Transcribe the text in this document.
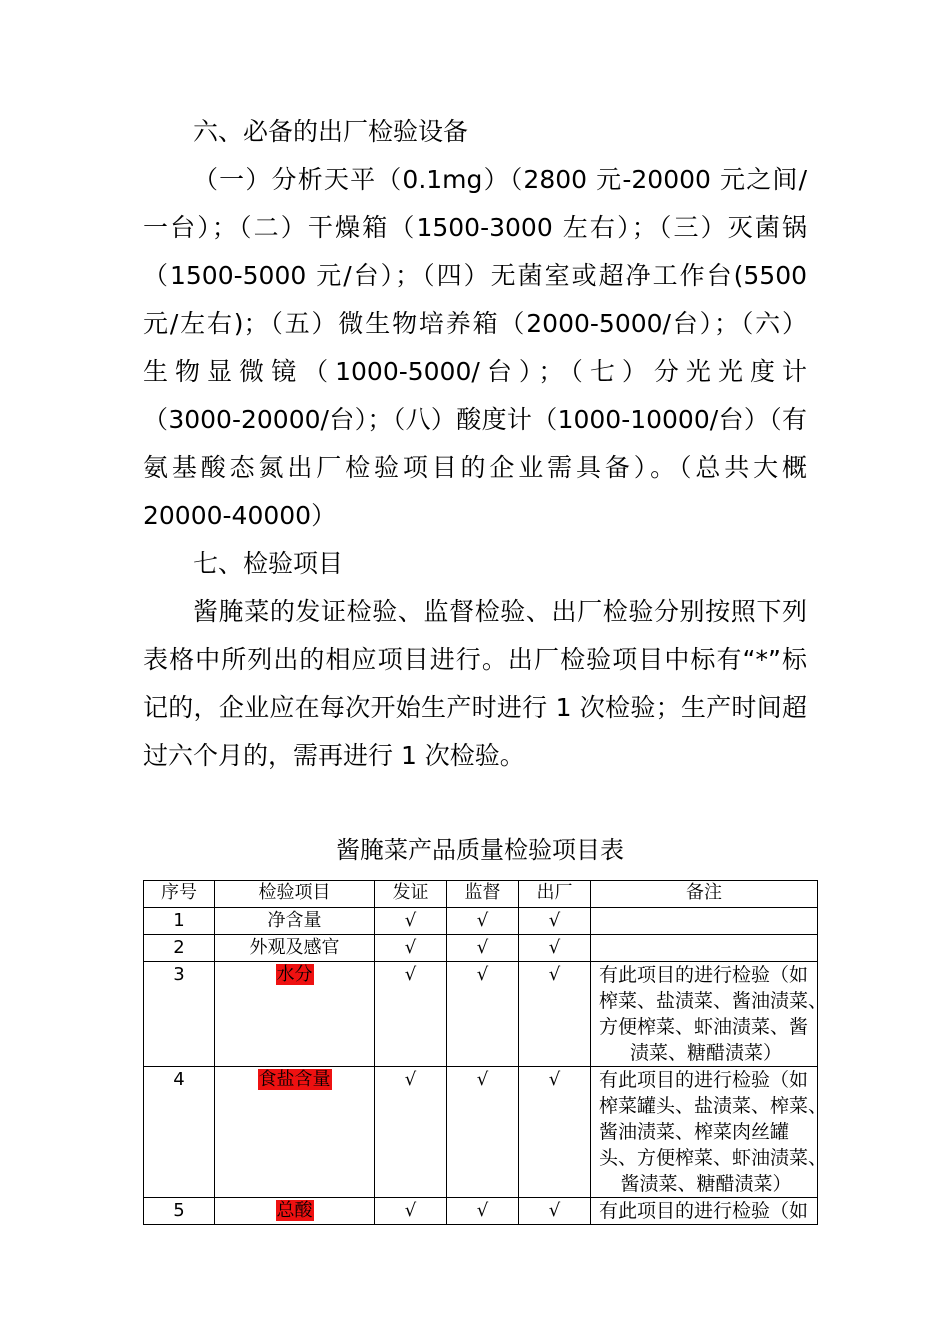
六、必备的出厂检验设备

（一）分析天平（0.1mg）（2800 元-20000 元之间/
一台）；（二）干燥箱（1500-3000 左右）；（三）灭菌锅
（1500-5000 元/台）；（四）无菌室或超净工作台(5500
元/左右)；（五）微生物培养箱（2000-5000/台）；（六）
生物显微镜（1000-5000/台）；（七）分光光度计
（3000-20000/台）；（八）酸度计（1000-10000/台）（有
氨基酸态氮出厂检验项目的企业需具备）。（总共大概
20000-40000）

七、检验项目

酱腌菜的发证检验、监督检验、出厂检验分别按照下列
表格中所列出的相应项目进行。出厂检验项目中标有“*”标
记的，企业应在每次开始生产时进行 1 次检验；生产时间超
过六个月的，需再进行 1 次检验。

酱腌菜产品质量检验项目表

序号	检验项目	发证	监督	出厂	备注
1	净含量	√	√	√	
2	外观及感官	√	√	√	
3	水分	√	√	√	有此项目的进行检验（如
榨菜、盐渍菜、酱油渍菜、
方便榨菜、虾油渍菜、酱
渍菜、糖醋渍菜）

4	食盐含量	√	√	√	有此项目的进行检验（如
榨菜罐头、盐渍菜、榨菜、
酱油渍菜、榨菜肉丝罐
头、方便榨菜、虾油渍菜、
酱渍菜、糖醋渍菜）

5	总酸	√	√	√	有此项目的进行检验（如
